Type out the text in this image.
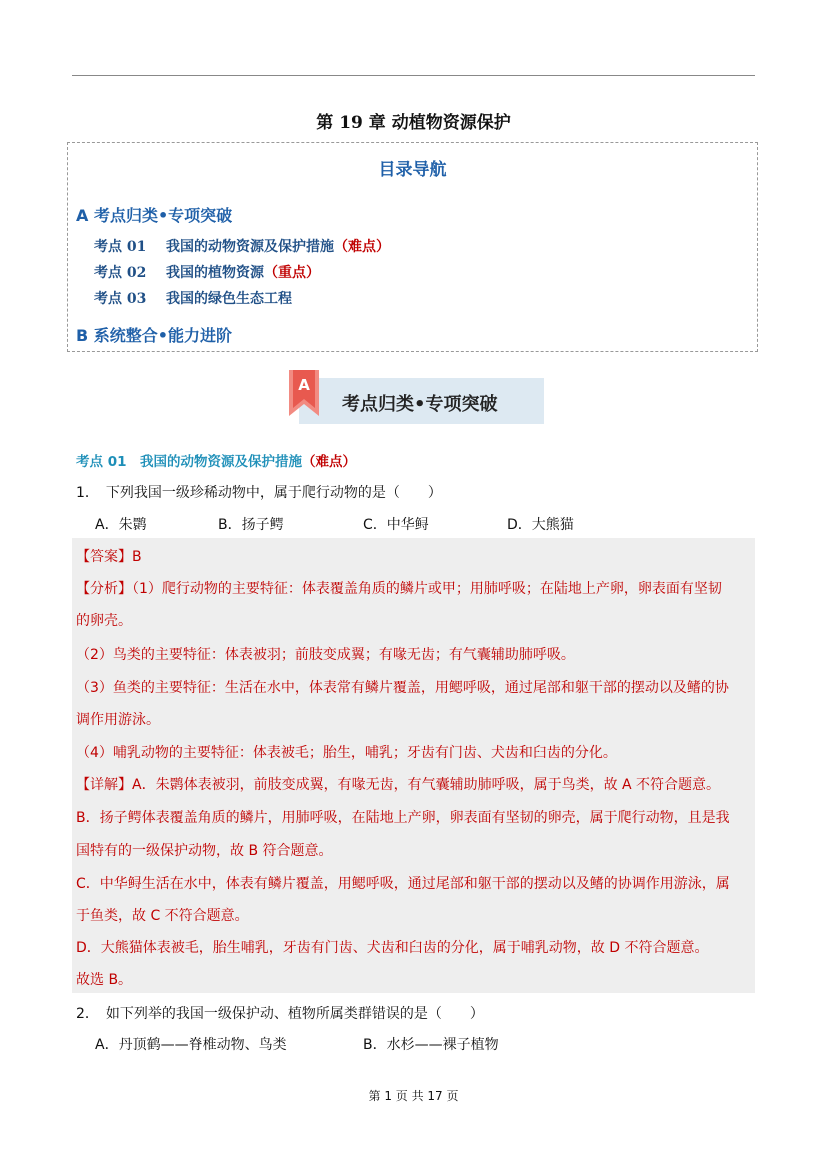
第 19 章 动植物资源保护
目录导航
A 考点归类•专项突破
考点 01 我国的动物资源及保护措施（难点）
考点 02 我国的植物资源（重点）
考点 03 我国的绿色生态工程
B 系统整合•能力进阶
A
考点归类•专项突破
考点 01　 我国的动物资源及保护措施（难点）
1．　下列我国一级珍稀动物中，属于爬行动物的是（　　）
A．朱鹮	B．扬子鳄	C．中华鲟	D．大熊猫
【答案】B
【分析】（1）爬行动物的主要特征：体表覆盖角质的鳞片或甲；用肺呼吸；在陆地上产卵，卵表面有坚韧
的卵壳。
（2）鸟类的主要特征：体表被羽；前肢变成翼；有喙无齿；有气囊辅助肺呼吸。
（3）鱼类的主要特征：生活在水中，体表常有鳞片覆盖，用鳃呼吸，通过尾部和躯干部的摆动以及鳍的协
调作用游泳。
（4）哺乳动物的主要特征：体表被毛；胎生，哺乳；牙齿有门齿、犬齿和臼齿的分化。
【详解】A．朱鹮体表被羽，前肢变成翼，有喙无齿，有气囊辅助肺呼吸，属于鸟类，故 A 不符合题意。
B．扬子鳄体表覆盖角质的鳞片，用肺呼吸，在陆地上产卵，卵表面有坚韧的卵壳，属于爬行动物，且是我
国特有的一级保护动物，故 B 符合题意。
C．中华鲟生活在水中，体表有鳞片覆盖，用鳃呼吸，通过尾部和躯干部的摆动以及鳍的协调作用游泳，属
于鱼类，故 C 不符合题意。
D．大熊猫体表被毛，胎生哺乳，牙齿有门齿、犬齿和臼齿的分化，属于哺乳动物，故 D 不符合题意。
故选 B。
2．　如下列举的我国一级保护动、植物所属类群错误的是（　　）
A．丹顶鹤——脊椎动物、鸟类	B．水杉——裸子植物
第 1 页 共 17 页
